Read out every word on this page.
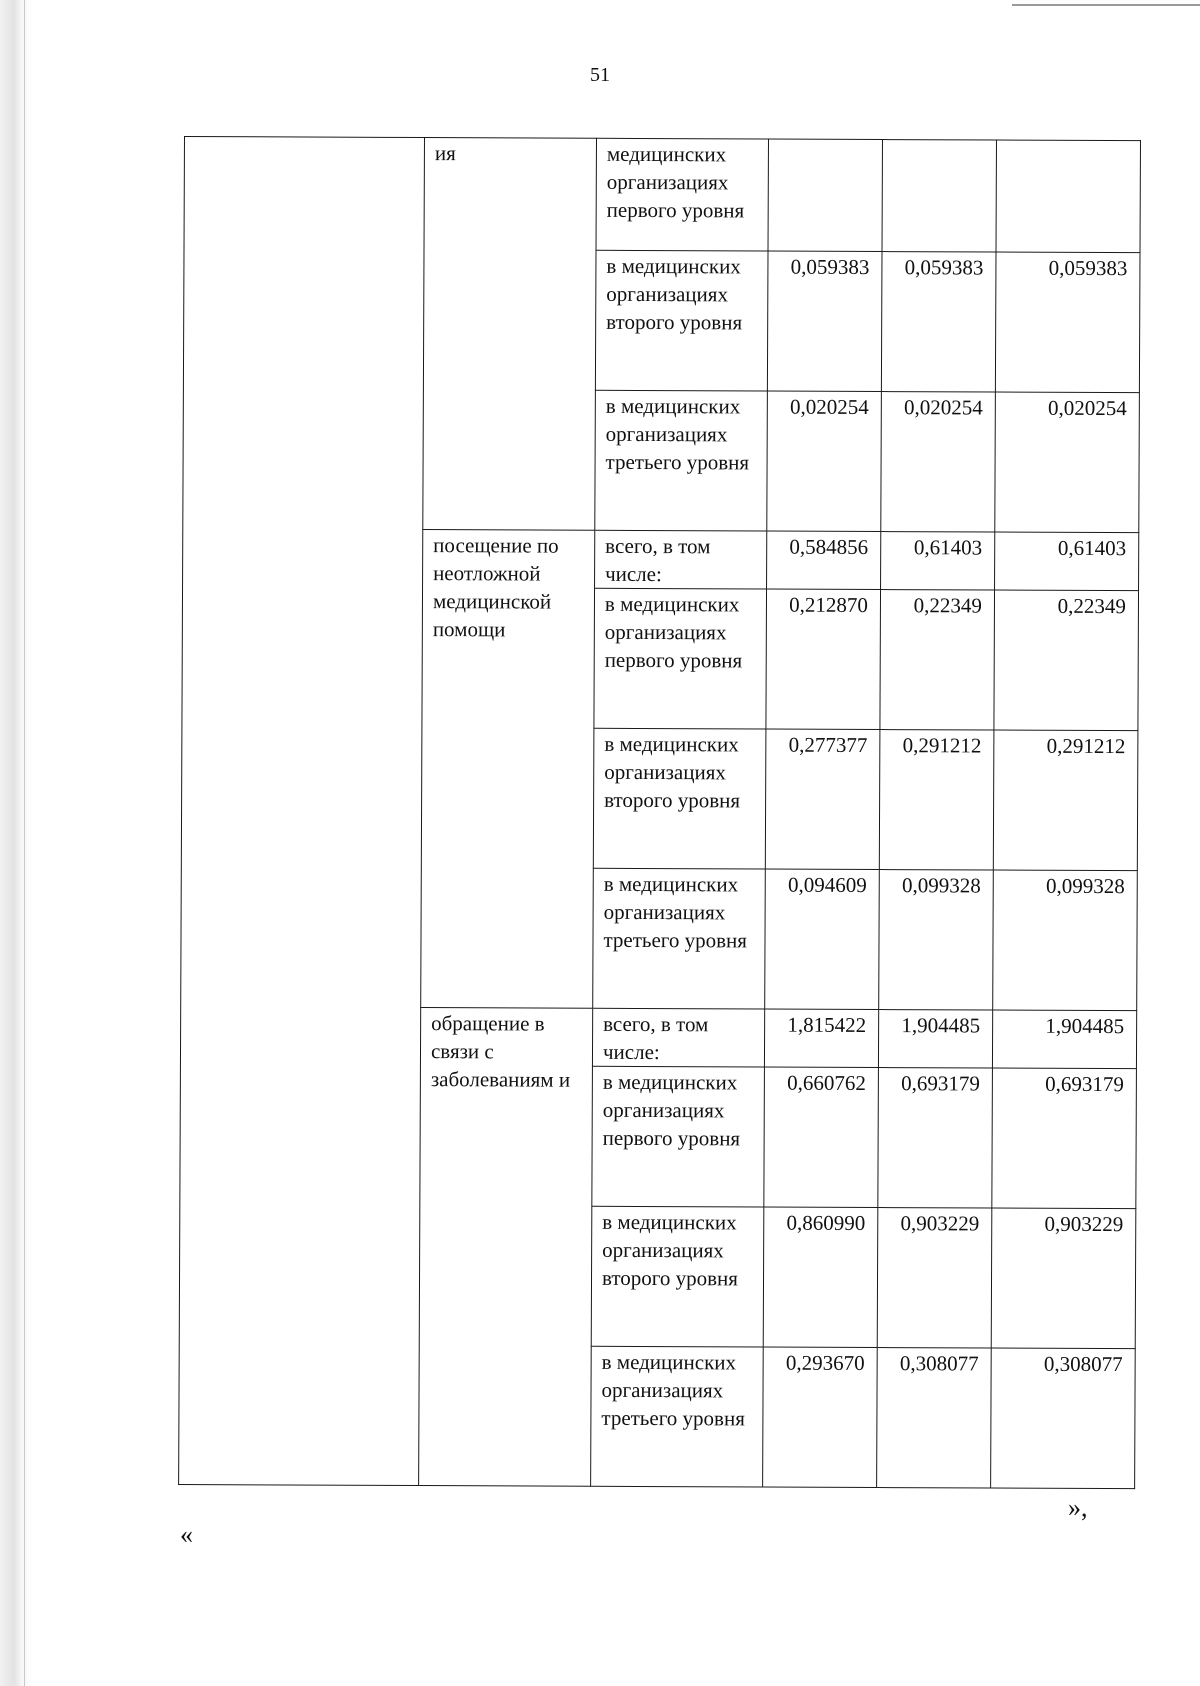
51
	ия	медицинских организациях первого уровня			
		в медицинских организациях второго уровня	0,059383	0,059383	0,059383
		в медицинских организациях третьего уровня	0,020254	0,020254	0,020254
	посещение по неотложной медицинской помощи	всего, в том числе:	0,584856	0,61403	0,61403
		в медицинских организациях первого уровня	0,212870	0,22349	0,22349
		в медицинских организациях второго уровня	0,277377	0,291212	0,291212
		в медицинских организациях третьего уровня	0,094609	0,099328	0,099328
	обращение в связи с заболеваниям и	всего, в том числе:	1,815422	1,904485	1,904485
		в медицинских организациях первого уровня	0,660762	0,693179	0,693179
		в медицинских организациях второго уровня	0,860990	0,903229	0,903229
		в медицинских организациях третьего уровня	0,293670	0,308077	0,308077
»,
«
